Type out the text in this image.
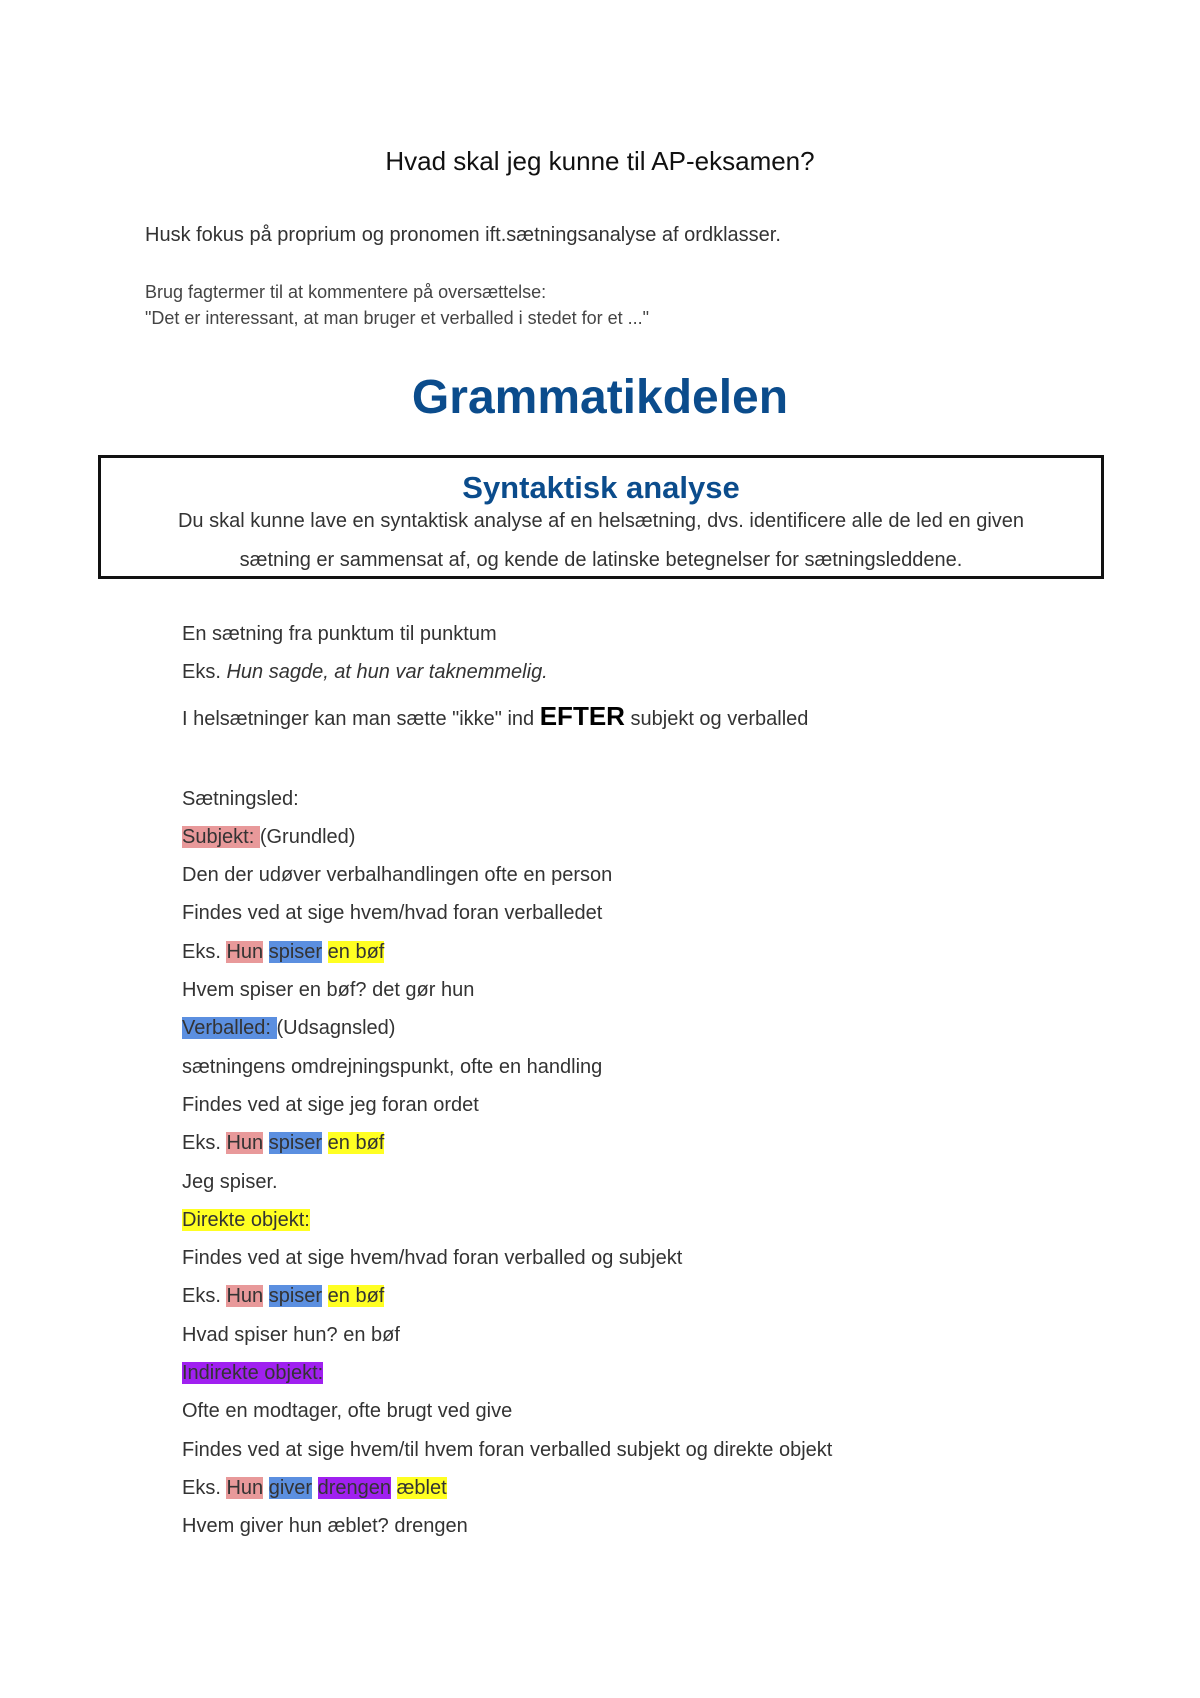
Hvad skal jeg kunne til AP-eksamen?
Husk fokus på proprium og pronomen ift.sætningsanalyse af ordklasser.
Brug fagtermer til at kommentere på oversættelse:
"Det er interessant, at man bruger et verballed i stedet for et ..."
Grammatikdelen
Syntaktisk analyse
Du skal kunne lave en syntaktisk analyse af en helsætning, dvs. identificere alle de led en given
sætning er sammensat af, og kende de latinske betegnelser for sætningsleddene.
En sætning fra punktum til punktum
Eks. Hun sagde, at hun var taknemmelig.
I helsætninger kan man sætte "ikke" ind EFTER subjekt og verballed
Sætningsled:
Subjekt: (Grundled)
Den der udøver verbalhandlingen ofte en person
Findes ved at sige hvem/hvad foran verballedet
Eks. Hun spiser en bøf
Hvem spiser en bøf? det gør hun
Verballed: (Udsagnsled)
sætningens omdrejningspunkt, ofte en handling
Findes ved at sige jeg foran ordet
Eks. Hun spiser en bøf
Jeg spiser.
Direkte objekt:
Findes ved at sige hvem/hvad foran verballed og subjekt
Eks. Hun spiser en bøf
Hvad spiser hun? en bøf
Indirekte objekt:
Ofte en modtager, ofte brugt ved give
Findes ved at sige hvem/til hvem foran verballed subjekt og direkte objekt
Eks. Hun giver drengen æblet
Hvem giver hun æblet? drengen
